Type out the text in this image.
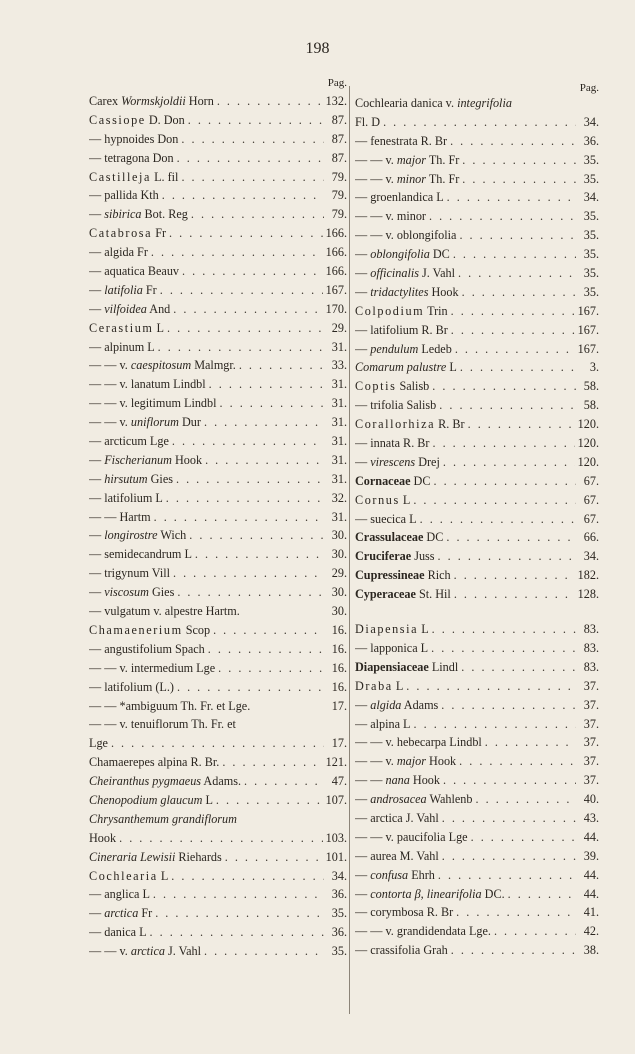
198
Pag.
Carex Wormskjoldii Horn . . .	132.
Cassiope D. Don . . .	87.
— hypnoides Don . . .	87.
— tetragona Don . . .	87.
Castilleja L. fil . . .	79.
— pallida Kth . . .	79.
— sibirica Bot. Reg . . .	79.
Catabrosa Fr . . .	166.
— algida Fr . . .	166.
— aquatica Beauv . . .	166.
— latifolia Fr . . .	167.
— vilfoidea And . . .	170.
Cerastium L . . .	29.
— alpinum L . . .	31.
— — v. caespitosum Malmgr. . . .	33.
— — v. lanatum Lindbl . . .	31.
— — v. legitimum Lindbl . . .	31.
— — v. uniflorum Dur . . .	31.
— arcticum Lge . . .	31.
— Fischerianum Hook . . .	31.
— hirsutum Gies . . .	31.
— latifolium L . . .	32.
— — Hartm . . .	31.
— longirostre Wich . . .	30.
— semidecandrum L . . .	30.
— trigynum Vill . . .	29.
— viscosum Gies . . .	30.
— vulgatum v. alpestre Hartm.	30.
Chamaenerium Scop . . .	16.
— angustifolium Spach . . .	16.
— — v. intermedium Lge . . .	16.
— latifolium (L.) . . .	16.
— — *ambiguum Th. Fr. et Lge.	17.
— — v. tenuiflorum Th. Fr. et
Lge . . .	17.
Chamaerepes alpina R. Br. . . .	121.
Cheiranthus pygmaeus Adams. . . .	47.
Chenopodium glaucum L . . .	107.
Chrysanthemum grandiflorum
Hook . . .	103.
Cineraria Lewisii Riehards . . .	101.
Cochlearia L . . .	34.
— anglica L . . .	36.
— arctica Fr . . .	35.
— danica L . . .	36.
— — v. arctica J. Vahl . . .	35.
Pag.
Cochlearia danica v. integrifolia
Fl. D . . .	34.
— fenestrata R. Br . . .	36.
— — v. major Th. Fr . . .	35.
— — v. minor Th. Fr . . .	35.
— groenlandica L . . .	34.
— — v. minor . . .	35.
— — v. oblongifolia . . .	35.
— oblongifolia DC . . .	35.
— officinalis J. Vahl . . .	35.
— tridactylites Hook . . .	35.
Colpodium Trin . . .	167.
— latifolium R. Br . . .	167.
— pendulum Ledeb . . .	167.
Comarum palustre L . . .	3.
Coptis Salisb . . .	58.
— trifolia Salisb . . .	58.
Corallorhiza R. Br . . .	120.
— innata R. Br . . .	120.
— virescens Drej . . .	120.
Cornaceae DC . . .	67.
Cornus L . . .	67.
— suecica L . . .	67.
Crassulaceae DC . . .	66.
Cruciferae Juss . . .	34.
Cupressineae Rich . . .	182.
Cyperaceae St. Hil . . .	128.
Diapensia L . . .	83.
— lapponica L . . .	83.
Diapensiaceae Lindl . . .	83.
Draba L . . .	37.
— algida Adams . . .	37.
— alpina L . . .	37.
— — v. hebecarpa Lindbl . . .	37.
— — v. major Hook . . .	37.
— — nana Hook . . .	37.
— androsacea Wahlenb . . .	40.
— arctica J. Vahl . . .	43.
— — v. paucifolia Lge . . .	44.
— aurea M. Vahl . . .	39.
— confusa Ehrh . . .	44.
— contorta β, linearifolia DC. . . .	44.
— corymbosa R. Br . . .	41.
— — v. grandidendata Lge. . . .	42.
— crassifolia Grah . . .	38.
